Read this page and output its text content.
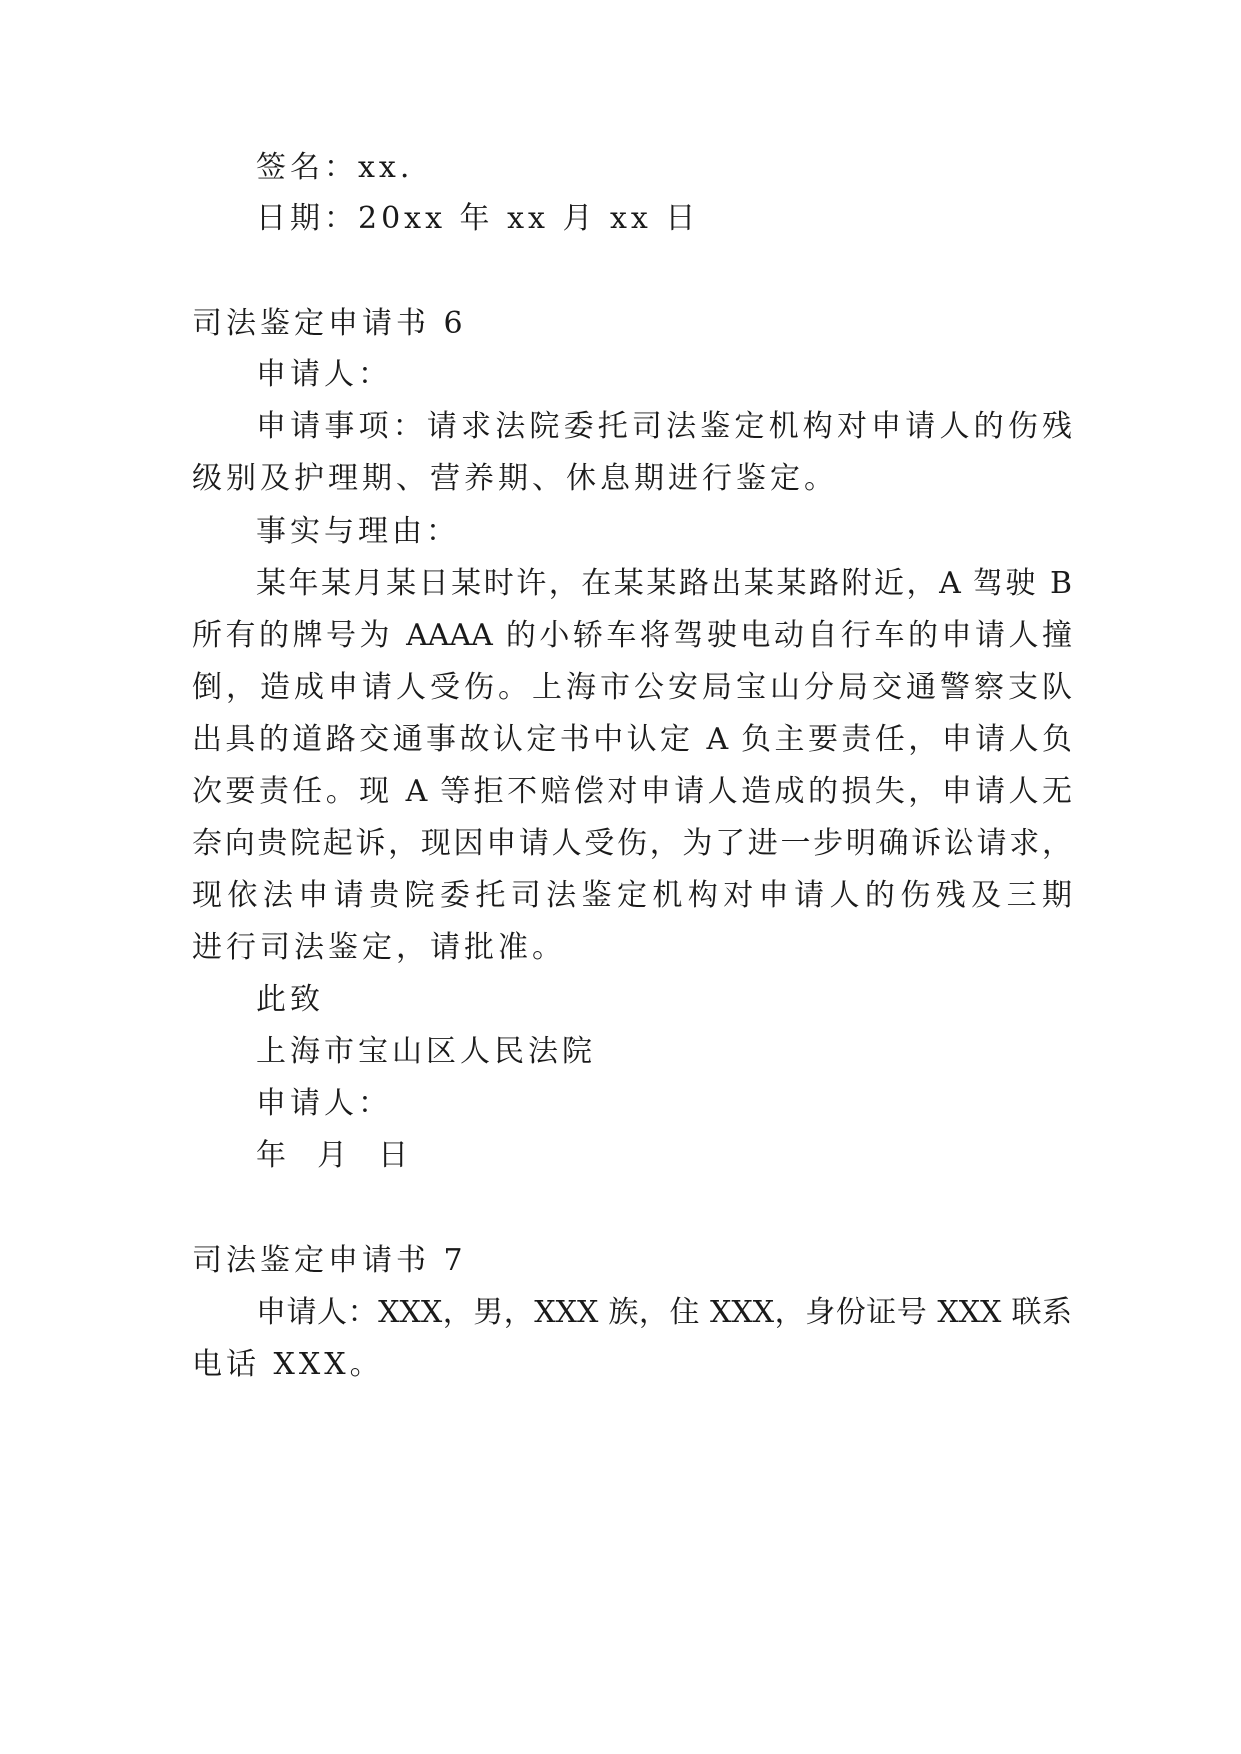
签名：xx.
日期：20xx 年 xx 月 xx 日
司法鉴定申请书 6
申请人：
申请事项：请求法院委托司法鉴定机构对申请人的伤残
级别及护理期、营养期、休息期进行鉴定。
事实与理由：
某年某月某日某时许，在某某路出某某路附近，A 驾驶 B
所有的牌号为 AAAA 的小轿车将驾驶电动自行车的申请人撞
倒，造成申请人受伤。上海市公安局宝山分局交通警察支队
出具的道路交通事故认定书中认定 A 负主要责任，申请人负
次要责任。现 A 等拒不赔偿对申请人造成的损失，申请人无
奈向贵院起诉，现因申请人受伤，为了进一步明确诉讼请求，
现依法申请贵院委托司法鉴定机构对申请人的伤残及三期
进行司法鉴定，请批准。
此致
上海市宝山区人民法院
申请人：
年  月  日
司法鉴定申请书 7
申请人：XXX，男，XXX 族，住 XXX，身份证号 XXX 联系
电话 XXX。
